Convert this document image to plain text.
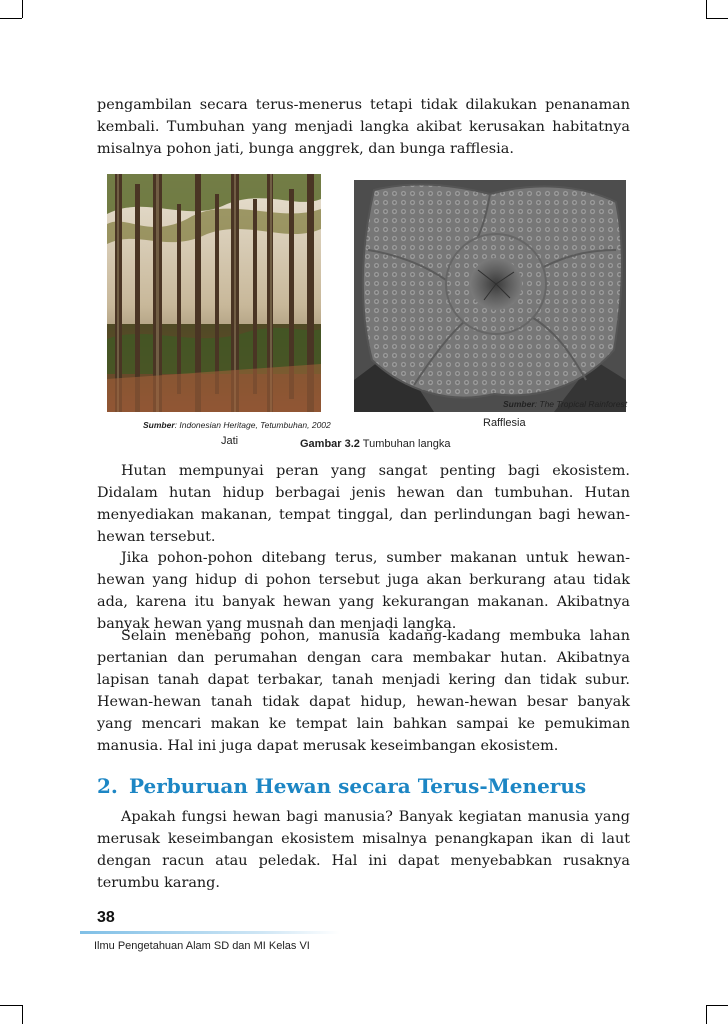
pengambilan secara terus-menerus tetapi tidak dilakukan penanaman kembali. Tumbuhan yang menjadi langka akibat kerusakan habitatnya misalnya pohon jati, bunga anggrek, dan bunga rafflesia.

Sumber: The Tropical Rainforest
Sumber: Indonesian Heritage, Tetumbuhan, 2002	Rafflesia
Jati	Gambar 3.2 Tumbuhan langka

Hutan mempunyai peran yang sangat penting bagi ekosistem. Didalam hutan hidup berbagai jenis hewan dan tumbuhan. Hutan menyediakan makanan, tempat tinggal, dan perlindungan bagi hewan-hewan tersebut.

Jika pohon-pohon ditebang terus, sumber makanan untuk hewan-hewan yang hidup di pohon tersebut juga akan berkurang atau tidak ada, karena itu banyak hewan yang kekurangan makanan. Akibatnya banyak hewan yang musnah dan menjadi langka.

Selain menebang pohon, manusia kadang-kadang membuka lahan pertanian dan perumahan dengan cara membakar hutan. Akibatnya lapisan tanah dapat terbakar, tanah menjadi kering dan tidak subur. Hewan-hewan tanah tidak dapat hidup, hewan-hewan besar banyak yang mencari makan ke tempat lain bahkan sampai ke pemukiman manusia. Hal ini juga dapat merusak keseimbangan ekosistem.

2. Perburuan Hewan secara Terus-Menerus

Apakah fungsi hewan bagi manusia? Banyak kegiatan manusia yang merusak keseimbangan ekosistem misalnya penangkapan ikan di laut dengan racun atau peledak. Hal ini dapat menyebabkan rusaknya terumbu karang.

38
Ilmu Pengetahuan Alam SD dan MI Kelas VI
